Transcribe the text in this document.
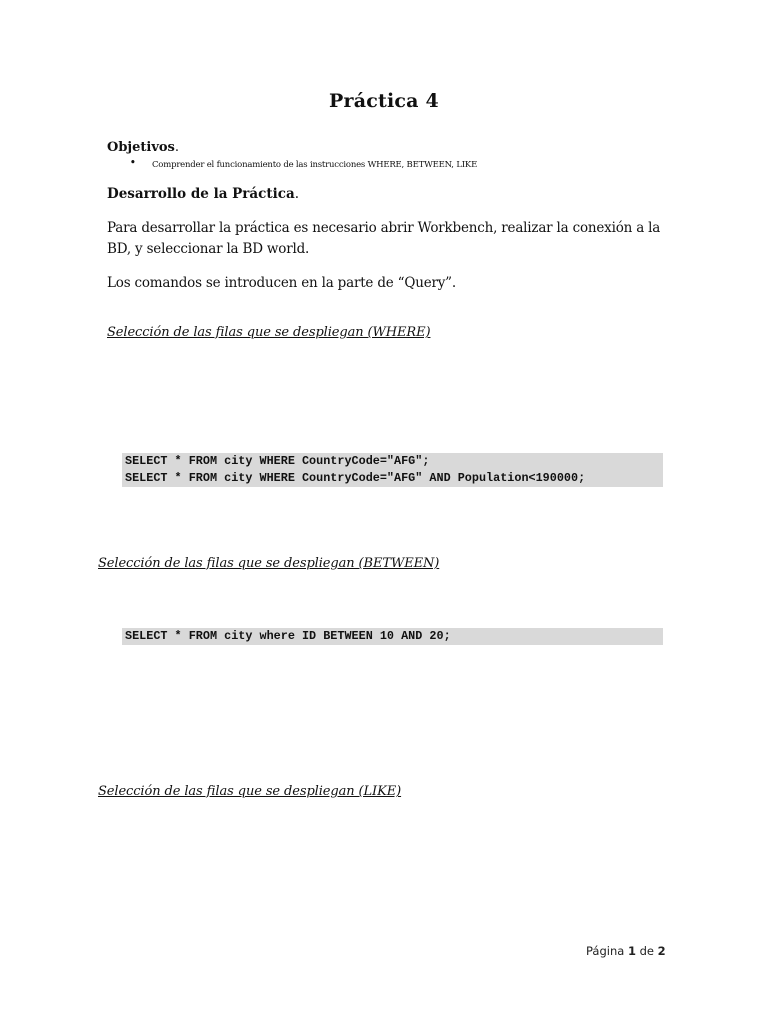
Práctica 4
Objetivos.
• Comprender el funcionamiento de las instrucciones WHERE, BETWEEN, LIKE
Desarrollo de la Práctica.
Para desarrollar la práctica es necesario abrir Workbench, realizar la conexión a la BD, y seleccionar la BD world.
Los comandos se introducen en la parte de “Query”.
Selección de las filas que se despliegan (WHERE)
SELECT * FROM city WHERE CountryCode="AFG";
SELECT * FROM city WHERE CountryCode="AFG" AND Population<190000;
Selección de las filas que se despliegan (BETWEEN)
SELECT * FROM city where ID BETWEEN 10 AND 20;
Selección de las filas que se despliegan (LIKE)
Página 1 de 2
